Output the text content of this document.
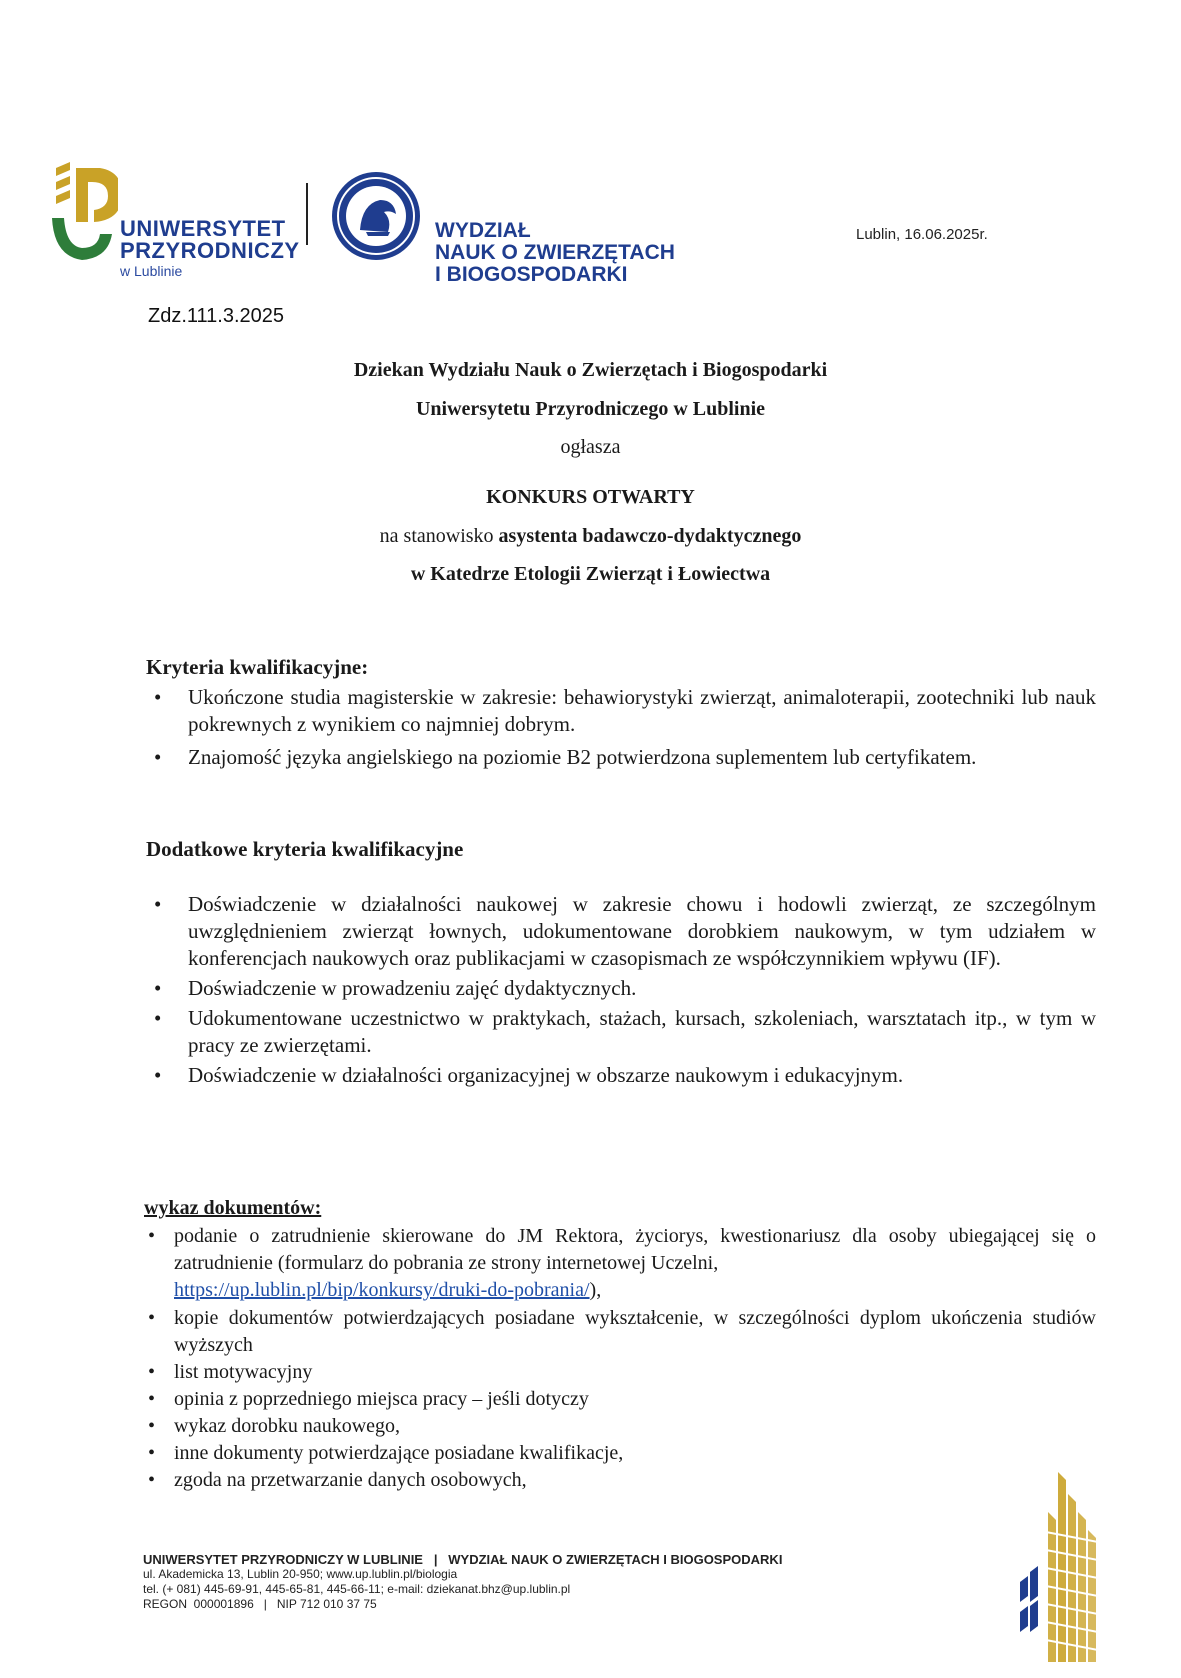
UNIWERSYTET
PRZYRODNICZY
w Lublinie
WYDZIAŁ
NAUK O ZWIERZĘTACH
I BIOGOSPODARKI
Lublin, 16.06.2025r.
Zdz.111.3.2025
Dziekan Wydziału Nauk o Zwierzętach i Biogospodarki
Uniwersytetu Przyrodniczego w Lublinie
ogłasza
KONKURS OTWARTY
na stanowisko asystenta badawczo-dydaktycznego
w Katedrze Etologii Zwierząt i Łowiectwa
Kryteria kwalifikacyjne:
• Ukończone studia magisterskie w zakresie: behawiorystyki zwierząt, animaloterapii, zootechniki lub nauk pokrewnych z wynikiem co najmniej dobrym.
• Znajomość języka angielskiego na poziomie B2 potwierdzona suplementem lub certyfikatem.
Dodatkowe kryteria kwalifikacyjne
• Doświadczenie w działalności naukowej w zakresie chowu i hodowli zwierząt, ze szczególnym uwzględnieniem zwierząt łownych, udokumentowane dorobkiem naukowym, w tym udziałem w konferencjach naukowych oraz publikacjami w czasopismach ze współczynnikiem wpływu (IF).
• Doświadczenie w prowadzeniu zajęć dydaktycznych.
• Udokumentowane uczestnictwo w praktykach, stażach, kursach, szkoleniach, warsztatach itp., w tym w pracy ze zwierzętami.
• Doświadczenie w działalności organizacyjnej w obszarze naukowym i edukacyjnym.
wykaz dokumentów:
• podanie o zatrudnienie skierowane do JM Rektora, życiorys, kwestionariusz dla osoby ubiegającej się o zatrudnienie (formularz do pobrania ze strony internetowej Uczelni,
https://up.lublin.pl/bip/konkursy/druki-do-pobrania/),
• kopie dokumentów potwierdzających posiadane wykształcenie, w szczególności dyplom ukończenia studiów wyższych
• list motywacyjny
• opinia z poprzedniego miejsca pracy – jeśli dotyczy
• wykaz dorobku naukowego,
• inne dokumenty potwierdzające posiadane kwalifikacje,
• zgoda na przetwarzanie danych osobowych,
UNIWERSYTET PRZYRODNICZY W LUBLINIE   |   WYDZIAŁ NAUK O ZWIERZĘTACH I BIOGOSPODARKI
ul. Akademicka 13, Lublin 20-950; www.up.lublin.pl/biologia
tel. (+ 081) 445-69-91, 445-65-81, 445-66-11; e-mail: dziekanat.bhz@up.lublin.pl
REGON  000001896   |   NIP 712 010 37 75
